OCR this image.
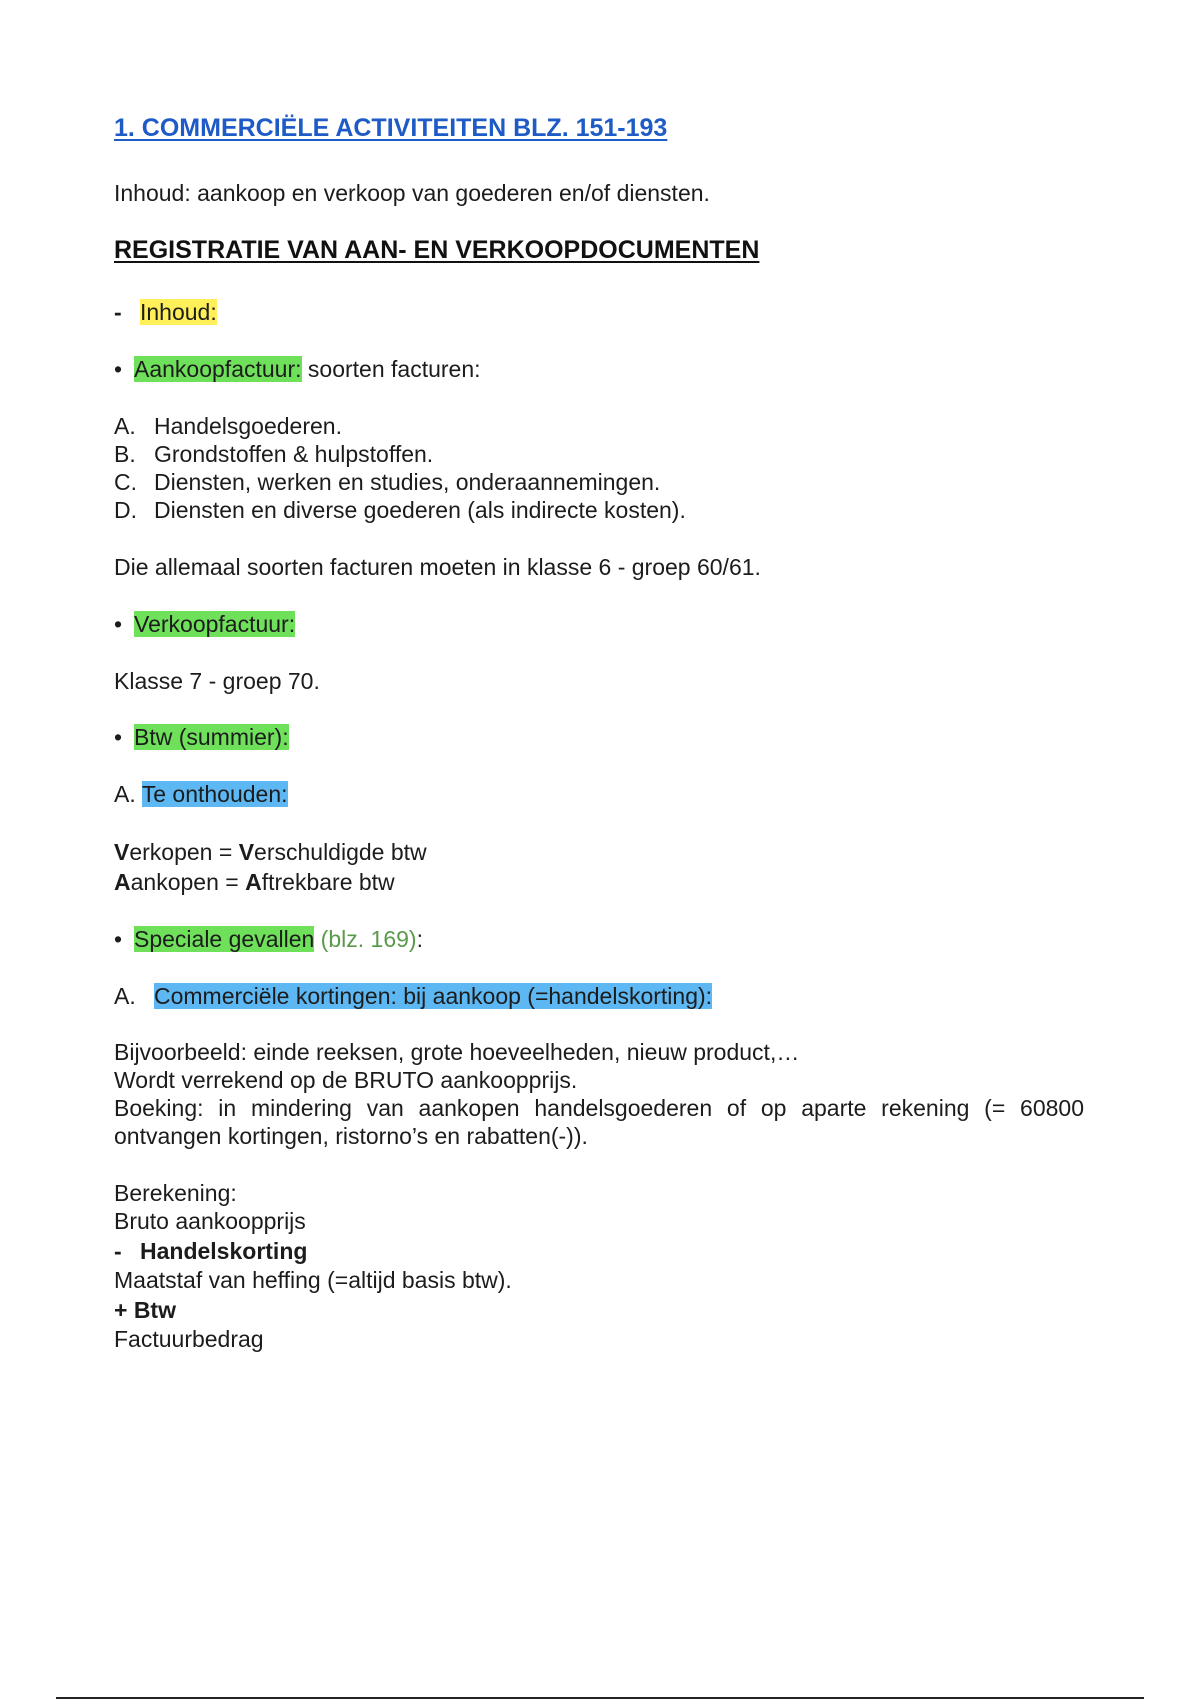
1. COMMERCIËLE ACTIVITEITEN BLZ. 151-193
Inhoud: aankoop en verkoop van goederen en/of diensten.
REGISTRATIE VAN AAN- EN VERKOOPDOCUMENTEN
- Inhoud:
• Aankoopfactuur: soorten facturen:
A. Handelsgoederen.
B. Grondstoffen & hulpstoffen.
C. Diensten, werken en studies, onderaannemingen.
D. Diensten en diverse goederen (als indirecte kosten).
Die allemaal soorten facturen moeten in klasse 6 - groep 60/61.
• Verkoopfactuur:
Klasse 7 - groep 70.
• Btw (summier):
A. Te onthouden:
Verkopen = Verschuldigde btw
Aankopen = Aftrekbare btw
• Speciale gevallen (blz. 169):
A. Commerciële kortingen: bij aankoop (=handelskorting):
Bijvoorbeeld: einde reeksen, grote hoeveelheden, nieuw product,…
Wordt verrekend op de BRUTO aankoopprijs.
Boeking: in mindering van aankopen handelsgoederen of op aparte rekening (= 60800 ontvangen kortingen, ristorno’s en rabatten(-)).
Berekening:
Bruto aankoopprijs
- Handelskorting
Maatstaf van heffing (=altijd basis btw).
+ Btw
Factuurbedrag
